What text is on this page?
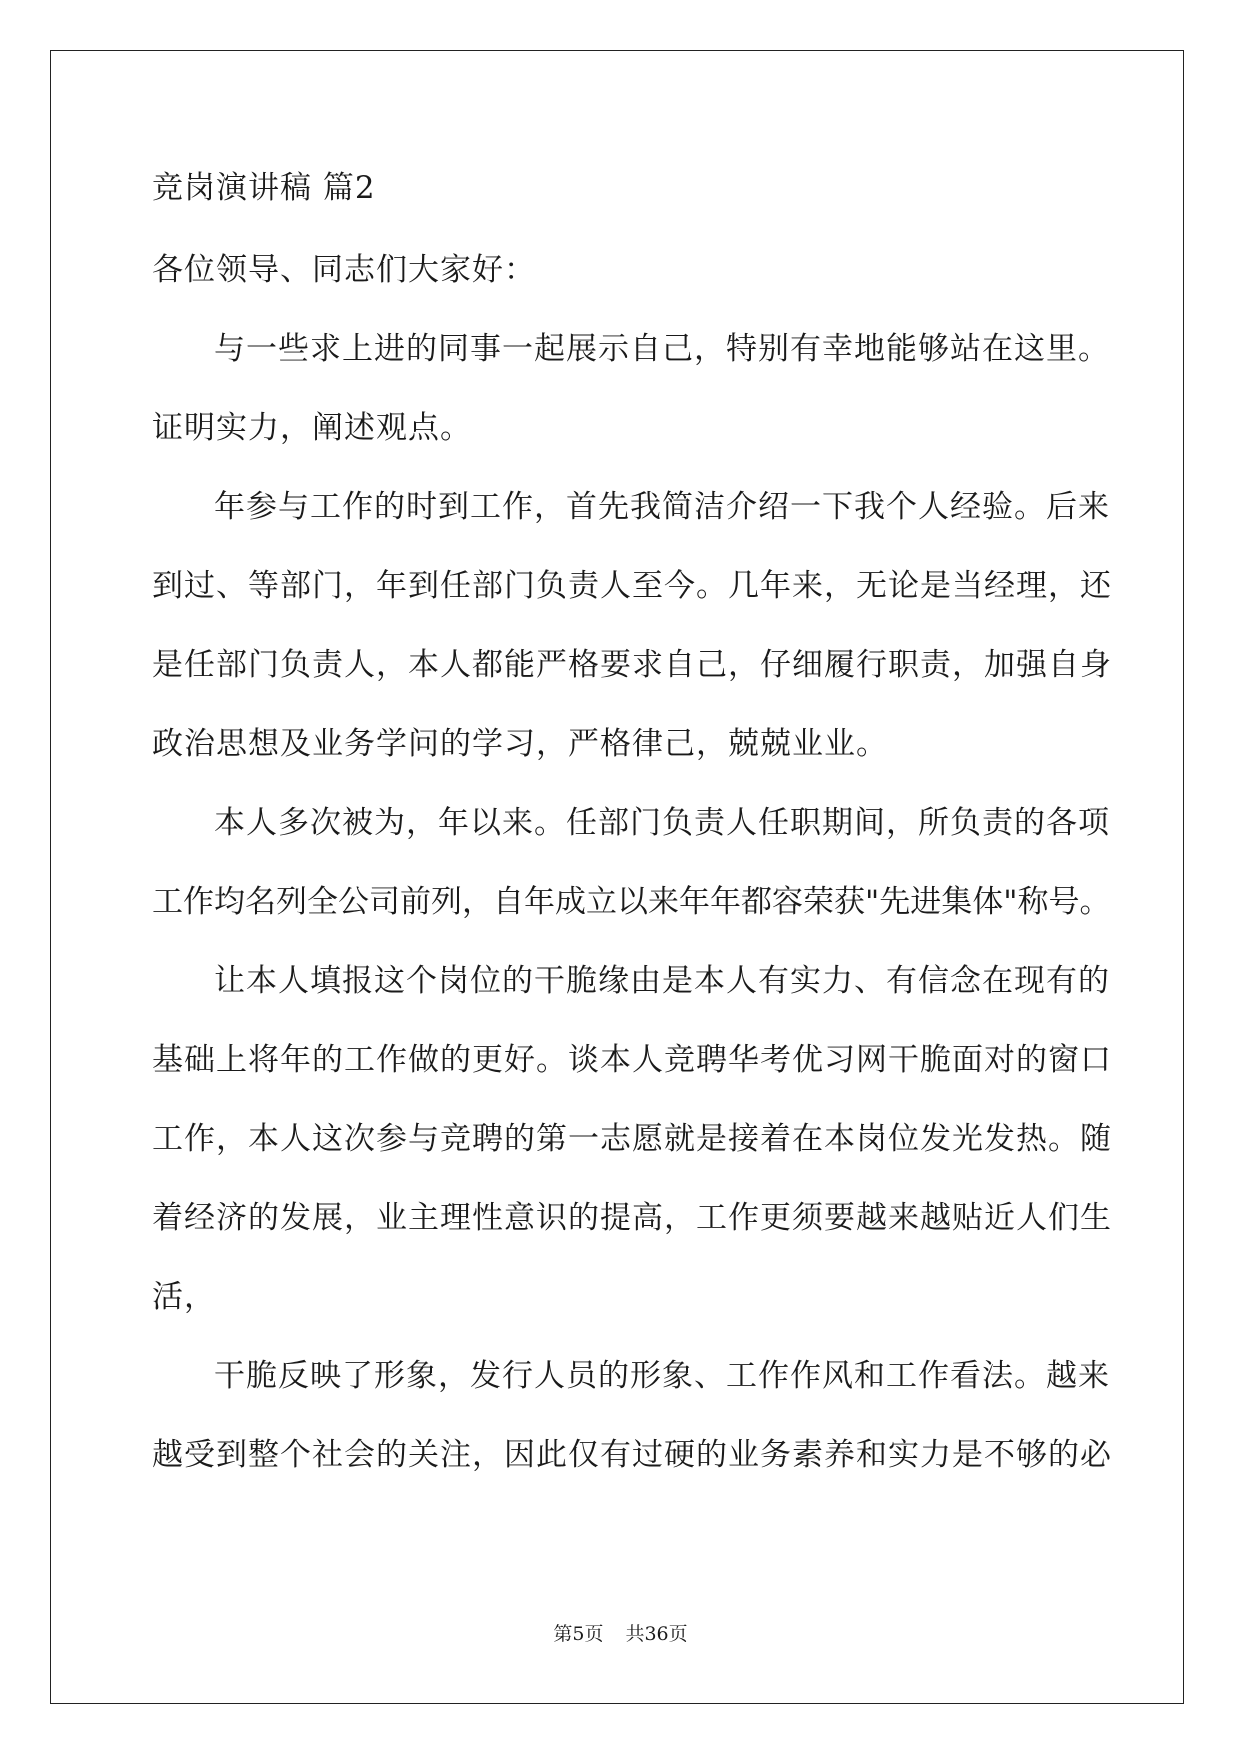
竞岗演讲稿 篇2
各位领导、同志们大家好：
与一些求上进的同事一起展示自己，特别有幸地能够站在这里。
证明实力，阐述观点。
年参与工作的时到工作，首先我简洁介绍一下我个人经验。后来
到过、等部门，年到任部门负责人至今。几年来，无论是当经理，还
是任部门负责人，本人都能严格要求自己，仔细履行职责，加强自身
政治思想及业务学问的学习，严格律己，兢兢业业。
本人多次被为，年以来。任部门负责人任职期间，所负责的各项
工作均名列全公司前列，自年成立以来年年都容荣获"先进集体"称号。
让本人填报这个岗位的干脆缘由是本人有实力、有信念在现有的
基础上将年的工作做的更好。谈本人竞聘华考优习网干脆面对的窗口
工作，本人这次参与竞聘的第一志愿就是接着在本岗位发光发热。随
着经济的发展，业主理性意识的提高，工作更须要越来越贴近人们生
活，
干脆反映了形象，发行人员的形象、工作作风和工作看法。越来
越受到整个社会的关注，因此仅有过硬的业务素养和实力是不够的必
第5页 共36页
